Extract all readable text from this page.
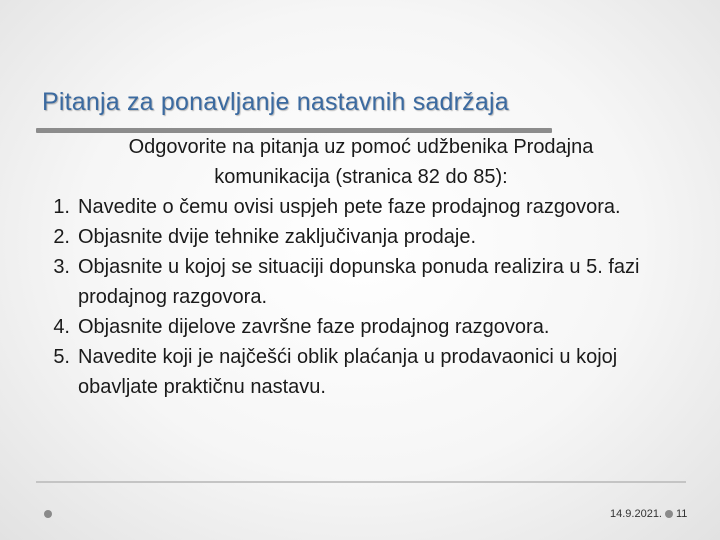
Pitanja za ponavljanje nastavnih sadržaja
Odgovorite na pitanja uz pomoć udžbenika Prodajna komunikacija (stranica 82 do 85):
1. Navedite o čemu ovisi uspjeh pete faze prodajnog razgovora.
2. Objasnite dvije tehnike zaključivanja prodaje.
3. Objasnite u kojoj se situaciji dopunska ponuda realizira u 5. fazi prodajnog razgovora.
4. Objasnite dijelove završne faze prodajnog razgovora.
5. Navedite koji je najčešći oblik plaćanja u prodavaonici u kojoj obavljate praktičnu nastavu.
14.9.2021. 11
